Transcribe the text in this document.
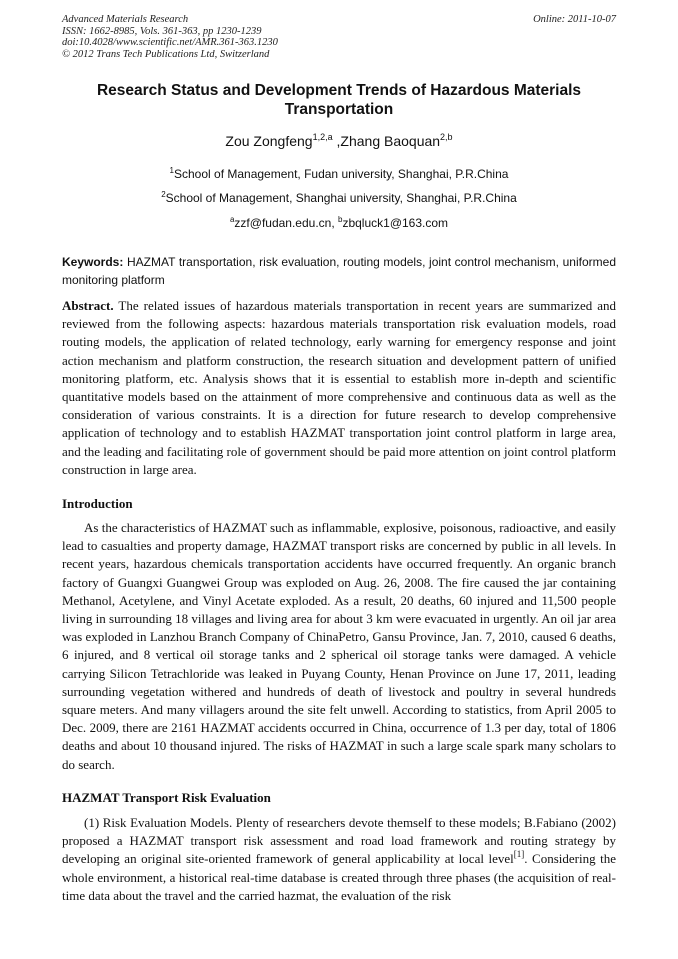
Advanced Materials Research
ISSN: 1662-8985, Vols. 361-363, pp 1230-1239
doi:10.4028/www.scientific.net/AMR.361-363.1230
© 2012 Trans Tech Publications Ltd, Switzerland
Online: 2011-10-07
Research Status and Development Trends of Hazardous Materials Transportation
Zou Zongfeng$^{1,2,a}$ ,Zhang Baoquan$^{2,b}$
$^1$School of Management, Fudan university, Shanghai, P.R.China
$^2$School of Management, Shanghai university, Shanghai, P.R.China
$^a$zzf@fudan.edu.cn, $^b$zbqluck1@163.com
Keywords: HAZMAT transportation, risk evaluation, routing models, joint control mechanism, uniformed monitoring platform
Abstract. The related issues of hazardous materials transportation in recent years are summarized and reviewed from the following aspects: hazardous materials transportation risk evaluation models, road routing models, the application of related technology, early warning for emergency response and joint action mechanism and platform construction, the research situation and development pattern of unified monitoring platform, etc. Analysis shows that it is essential to establish more in-depth and scientific quantitative models based on the attainment of more comprehensive and continuous data as well as the consideration of various constraints. It is a direction for future research to develop comprehensive application of technology and to establish HAZMAT transportation joint control platform in large area, and the leading and facilitating role of government should be paid more attention on joint control platform construction in large area.
Introduction
As the characteristics of HAZMAT such as inflammable, explosive, poisonous, radioactive, and easily lead to casualties and property damage, HAZMAT transport risks are concerned by public in all levels. In recent years, hazardous chemicals transportation accidents have occurred frequently. An organic branch factory of Guangxi Guangwei Group was exploded on Aug. 26, 2008. The fire caused the jar containing Methanol, Acetylene, and Vinyl Acetate exploded. As a result, 20 deaths, 60 injured and 11,500 people living in surrounding 18 villages and living area for about 3 km were evacuated in urgently. An oil jar area was exploded in Lanzhou Branch Company of ChinaPetro, Gansu Province, Jan. 7, 2010, caused 6 deaths, 6 injured, and 8 vertical oil storage tanks and 2 spherical oil storage tanks were damaged. A vehicle carrying Silicon Tetrachloride was leaked in Puyang County, Henan Province on June 17, 2011, leading surrounding vegetation withered and hundreds of death of livestock and poultry in several hundreds square meters. And many villagers around the site felt unwell. According to statistics, from April 2005 to Dec. 2009, there are 2161 HAZMAT accidents occurred in China, occurrence of 1.3 per day, total of 1806 deaths and about 10 thousand injured. The risks of HAZMAT in such a large scale spark many scholars to do search.
HAZMAT Transport Risk Evaluation
(1) Risk Evaluation Models. Plenty of researchers devote themself to these models; B.Fabiano (2002) proposed a HAZMAT transport risk assessment and road load framework and routing strategy by developing an original site-oriented framework of general applicability at local level[1]. Considering the whole environment, a historical real-time database is created through three phases (the acquisition of real-time data about the travel and the carried hazmat, the evaluation of the risk
